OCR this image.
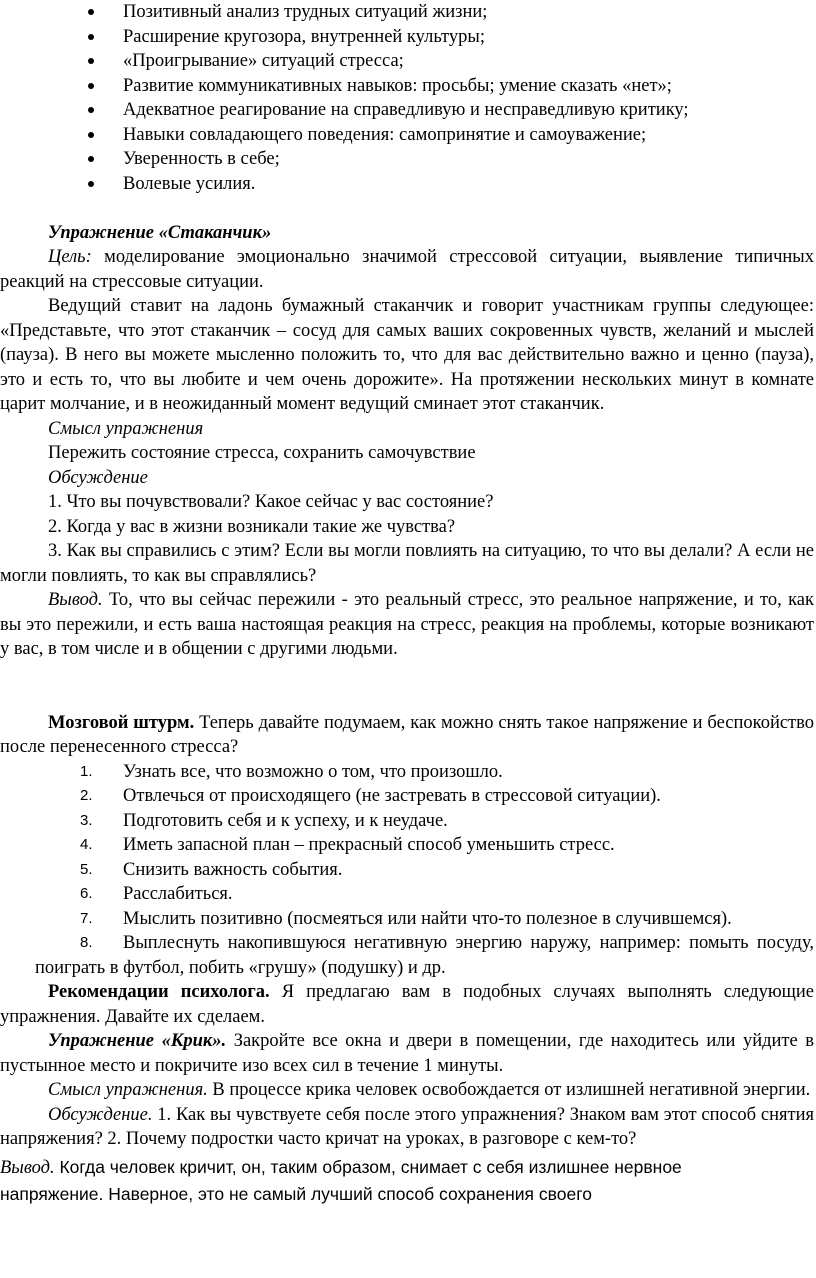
Позитивный анализ трудных ситуаций жизни;
Расширение кругозора, внутренней культуры;
«Проигрывание» ситуаций стресса;
Развитие коммуникативных навыков: просьбы; умение сказать «нет»;
Адекватное реагирование на справедливую и несправедливую критику;
Навыки совладающего поведения: самопринятие и самоуважение;
Уверенность в себе;
Волевые усилия.

Упражнение «Стаканчик»

Цель: моделирование эмоционально значимой стрессовой ситуации, выявление типичных реакций на стрессовые ситуации.

Ведущий ставит на ладонь бумажный стаканчик и говорит участникам группы следующее: «Представьте, что этот стаканчик – сосуд для самых ваших сокровенных чувств, желаний и мыслей (пауза). В него вы можете мысленно положить то, что для вас действительно важно и ценно (пауза), это и есть то, что вы любите и чем очень дорожите». На протяжении нескольких минут в комнате царит молчание, и в неожиданный момент ведущий сминает этот стаканчик.

Смысл упражнения

Пережить состояние стресса, сохранить самочувствие

Обсуждение

1. Что вы почувствовали? Какое сейчас у вас состояние?

2. Когда у вас в жизни возникали такие же чувства?

3. Как вы справились с этим? Если вы могли повлиять на ситуацию, то что вы делали? А если не могли повлиять, то как вы справлялись?

Вывод. То, что вы сейчас пережили - это реальный стресс, это реальное напряжение, и то, как вы это пережили, и есть ваша настоящая реакция на стресс, реакция на проблемы, которые возникают у вас, в том числе и в общении с другими людьми.

Мозговой штурм. Теперь давайте подумаем, как можно снять такое напряжение и беспокойство после перенесенного стресса?

1. Узнать все, что возможно о том, что произошло.
2. Отвлечься от происходящего (не застревать в стрессовой ситуации).
3. Подготовить себя и к успеху, и к неудаче.
4. Иметь запасной план – прекрасный способ уменьшить стресс.
5. Снизить важность события.
6. Расслабиться.
7. Мыслить позитивно (посмеяться или найти что-то полезное в случившемся).
8. Выплеснуть накопившуюся негативную энергию наружу, например: помыть посуду, поиграть в футбол, побить «грушу» (подушку) и др.

Рекомендации психолога. Я предлагаю вам в подобных случаях выполнять следующие упражнения. Давайте их сделаем.

Упражнение «Крик». Закройте все окна и двери в помещении, где находитесь или уйдите в пустынное место и покричите изо всех сил в течение 1 минуты.

Смысл упражнения. В процессе крика человек освобождается от излишней негативной энергии.

Обсуждение. 1. Как вы чувствуете себя после этого упражнения? Знаком вам этот способ снятия напряжения? 2. Почему подростки часто кричат на уроках, в разговоре с кем-то?

Вывод. Когда человек кричит, он, таким образом, снимает с себя излишнее нервное
напряжение. Наверное, это не самый лучший способ сохранения своего
